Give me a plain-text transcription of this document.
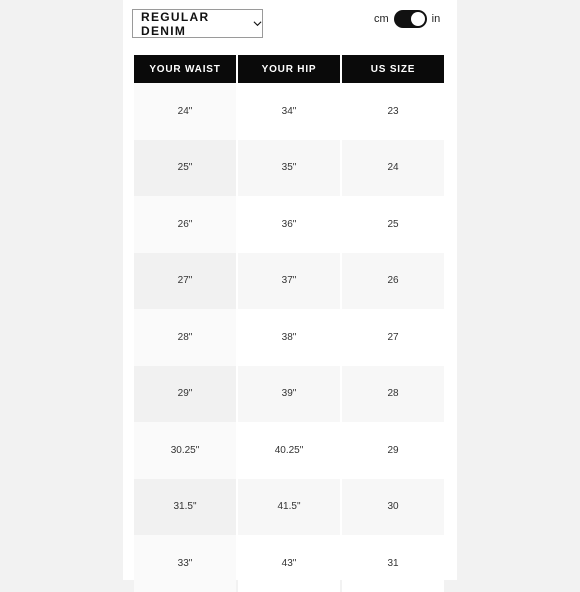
REGULAR DENIM
cm	in
YOUR WAIST	YOUR HIP	US SIZE
24"	34"	23
25"	35"	24
26"	36"	25
27"	37"	26
28"	38"	27
29"	39"	28
30.25"	40.25"	29
31.5"	41.5"	30
33"	43"	31
